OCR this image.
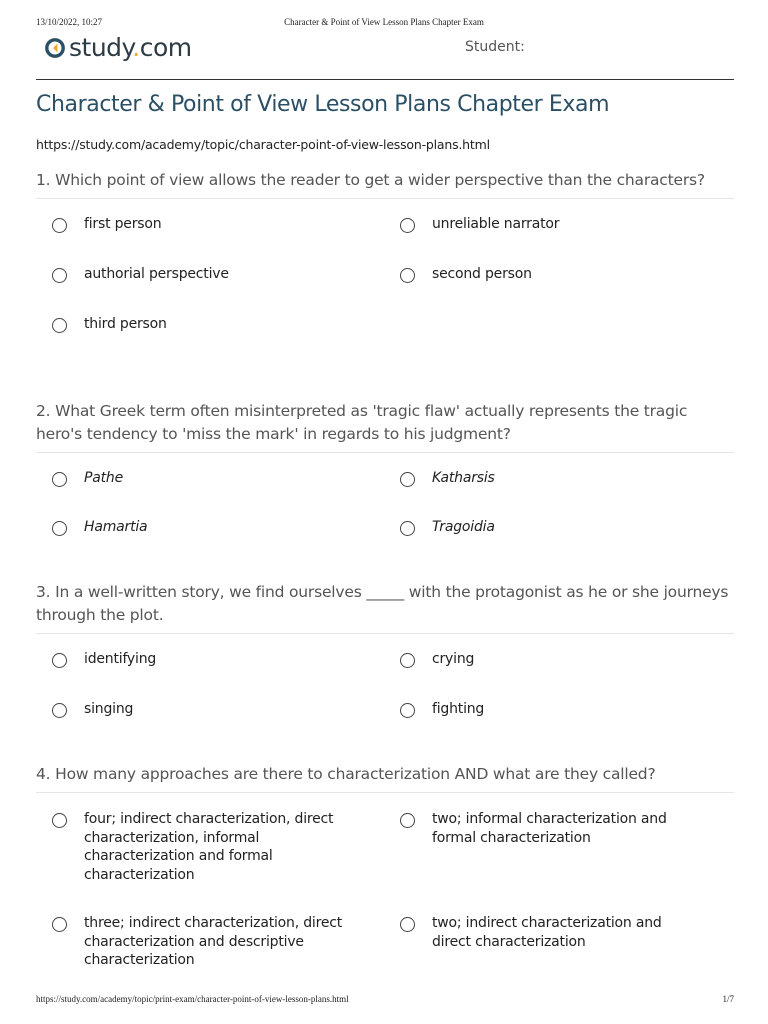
13/10/2022, 10:27	Character & Point of View Lesson Plans Chapter Exam
study.com	Student:
Character & Point of View Lesson Plans Chapter Exam
https://study.com/academy/topic/character-point-of-view-lesson-plans.html
1. Which point of view allows the reader to get a wider perspective than the characters?
first person	unreliable narrator
authorial perspective	second person
third person
2. What Greek term often misinterpreted as 'tragic flaw' actually represents the tragic hero's tendency to 'miss the mark' in regards to his judgment?
Pathe	Katharsis
Hamartia	Tragoidia
3. In a well-written story, we find ourselves _____ with the protagonist as he or she journeys through the plot.
identifying	crying
singing	fighting
4. How many approaches are there to characterization AND what are they called?
four; indirect characterization, direct characterization, informal characterization and formal characterization
two; informal characterization and formal characterization
three; indirect characterization, direct characterization and descriptive characterization
two; indirect characterization and direct characterization
https://study.com/academy/topic/print-exam/character-point-of-view-lesson-plans.html	1/7
